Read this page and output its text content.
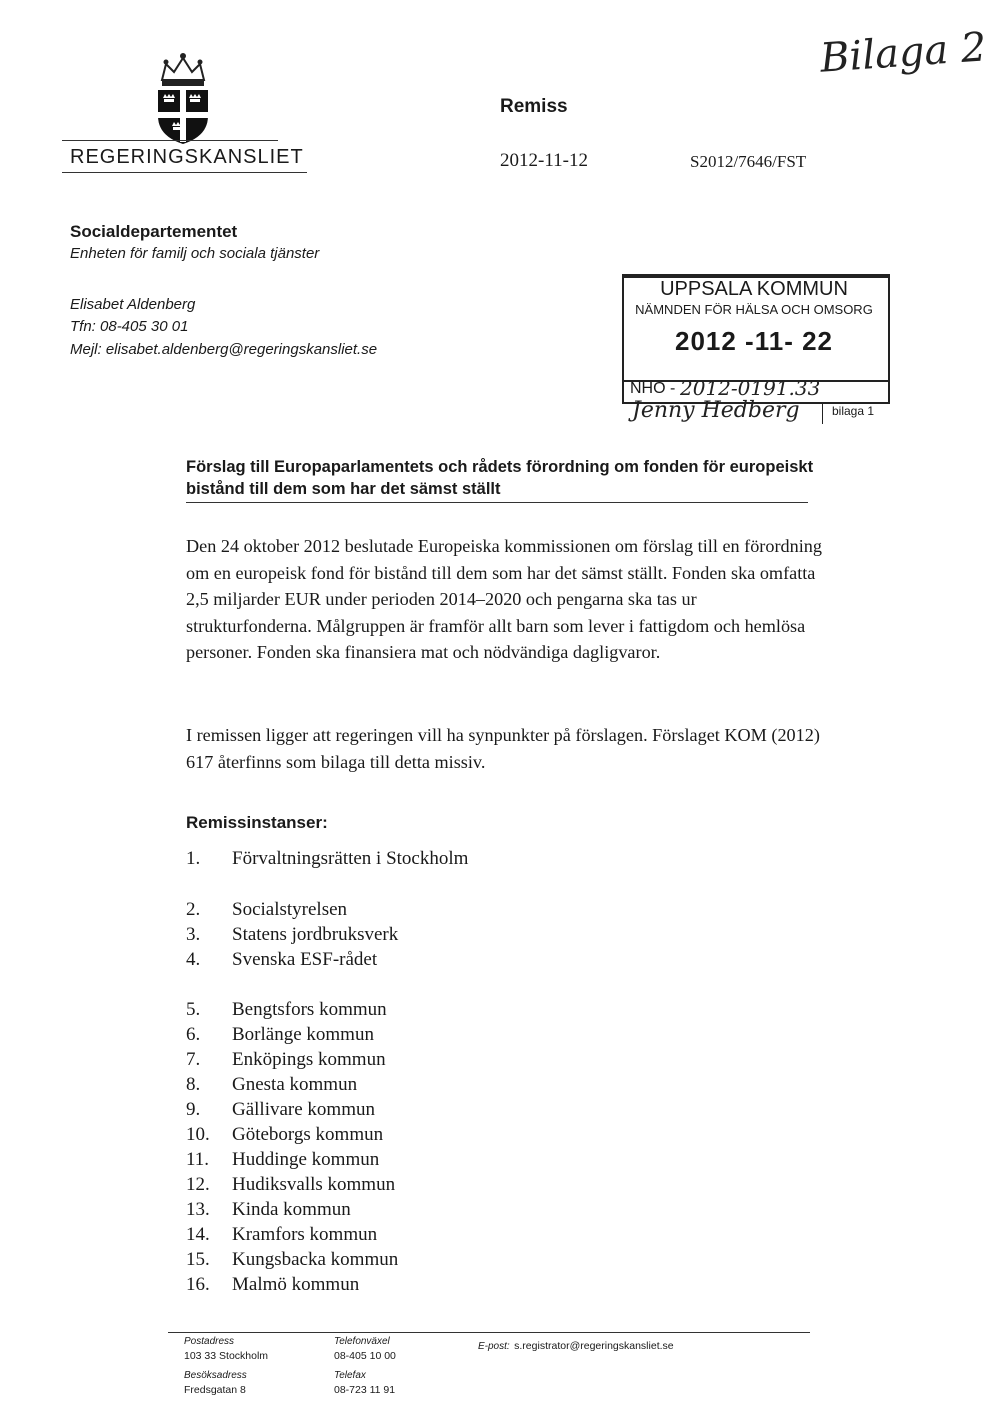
REGERINGSKANSLIET
Remiss
2012-11-12	S2012/7646/FST
Bilaga 2
Socialdepartementet
Enheten för familj och sociala tjänster
Elisabet Aldenberg
Tfn: 08-405 30 01
Mejl: elisabet.aldenberg@regeringskansliet.se
UPPSALA KOMMUN
NÄMNDEN FÖR HÄLSA OCH OMSORG
2012 -11- 22
NHO - 2012-0191.33
Jenny Hedberg	bilaga 1
Förslag till Europaparlamentets och rådets förordning om fonden för europeiskt bistånd till dem som har det sämst ställt
Den 24 oktober 2012 beslutade Europeiska kommissionen om förslag till en förordning om en europeisk fond för bistånd till dem som har det sämst ställt. Fonden ska omfatta 2,5 miljarder EUR under perioden 2014–2020 och pengarna ska tas ur strukturfonderna. Målgruppen är framför allt barn som lever i fattigdom och hemlösa personer. Fonden ska finansiera mat och nödvändiga dagligvaror.
I remissen ligger att regeringen vill ha synpunkter på förslagen. Förslaget KOM (2012) 617 återfinns som bilaga till detta missiv.
Remissinstanser:
1.	Förvaltningsrätten i Stockholm
2.	Socialstyrelsen
3.	Statens jordbruksverk
4.	Svenska ESF-rådet
5.	Bengtsfors kommun
6.	Borlänge kommun
7.	Enköpings kommun
8.	Gnesta kommun
9.	Gällivare kommun
10.	Göteborgs kommun
11.	Huddinge kommun
12.	Hudiksvalls kommun
13.	Kinda kommun
14.	Kramfors kommun
15.	Kungsbacka kommun
16.	Malmö kommun
Postadress
103 33 Stockholm
Besöksadress
Fredsgatan 8
Telefonväxel
08-405 10 00
Telefax
08-723 11 91
E-post: s.registrator@regeringskansliet.se
